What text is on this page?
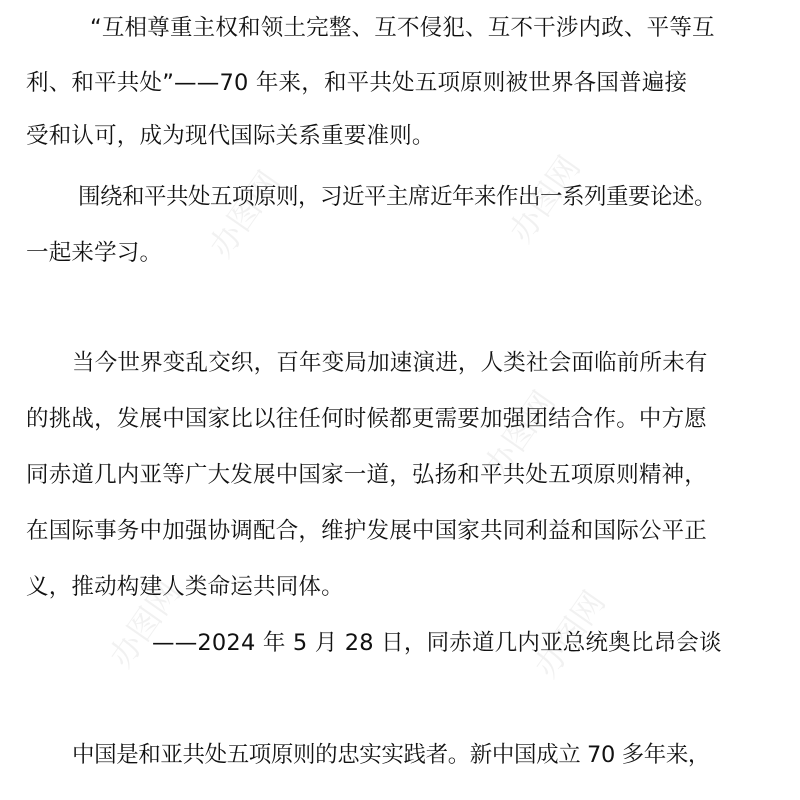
办图网	办图网
办图网
办图网	办图网
“互相尊重主权和领土完整、互不侵犯、互不干涉内政、平等互
利、和平共处”——70 年来，和平共处五项原则被世界各国普遍接
受和认可，成为现代国际关系重要准则。
围绕和平共处五项原则，习近平主席近年来作出一系列重要论述。
一起来学习。
当今世界变乱交织，百年变局加速演进，人类社会面临前所未有
的挑战，发展中国家比以往任何时候都更需要加强团结合作。中方愿
同赤道几内亚等广大发展中国家一道，弘扬和平共处五项原则精神，
在国际事务中加强协调配合，维护发展中国家共同利益和国际公平正
义，推动构建人类命运共同体。
——2024 年 5 月 28 日，同赤道几内亚总统奥比昂会谈
中国是和亚共处五项原则的忠实实践者。新中国成立 70 多年来，
